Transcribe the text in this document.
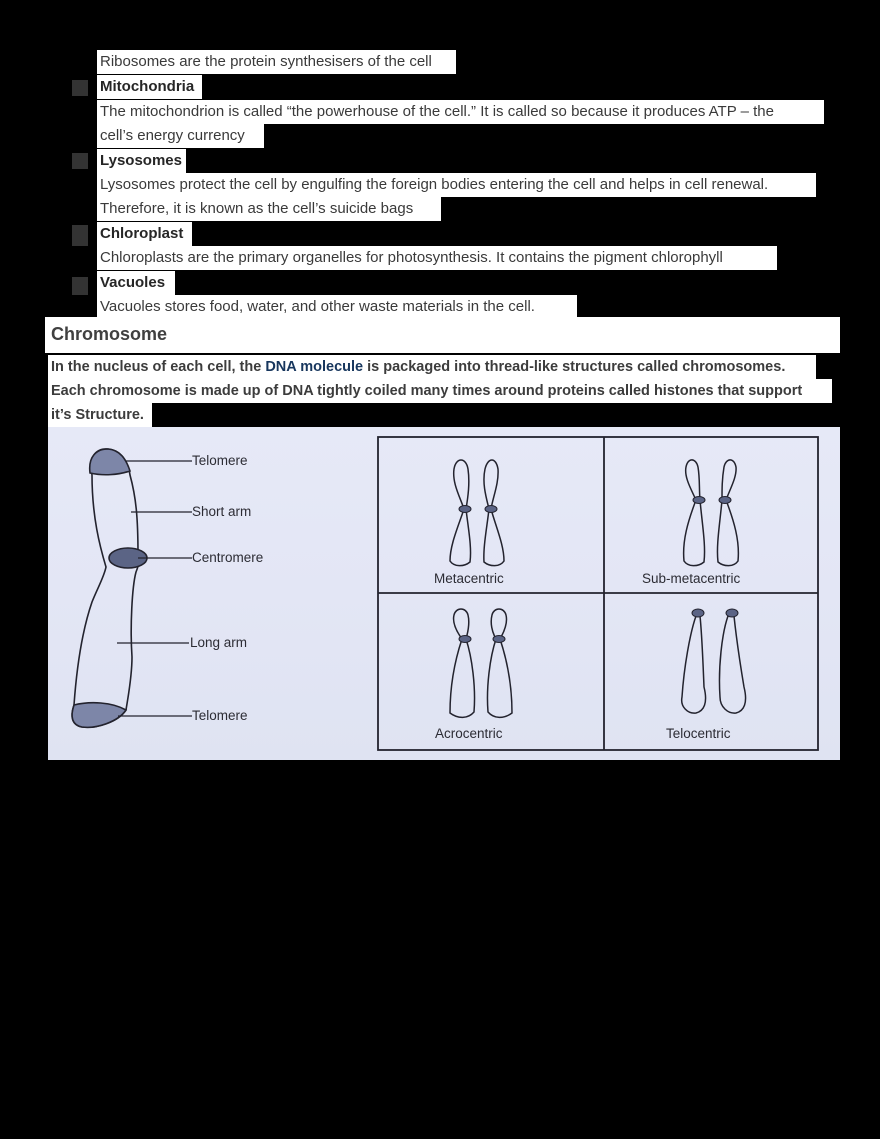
Ribosomes are the protein synthesisers of the cell
Mitochondria
The mitochondrion is called “the powerhouse of the cell.” It is called so because it produces ATP – the
cell’s energy currency
Lysosomes
Lysosomes protect the cell by engulfing the foreign bodies entering the cell and helps in cell renewal.
Therefore, it is known as the cell’s suicide bags
Chloroplast
Chloroplasts are the primary organelles for photosynthesis. It contains the pigment chlorophyll
Vacuoles
Vacuoles stores food, water, and other waste materials in the cell.
Chromosome
In the nucleus of each cell, the DNA molecule is packaged into thread-like structures called chromosomes.
Each chromosome is made up of DNA tightly coiled many times around proteins called histones that support
it’s Structure.
Telomere
Short arm
Centromere
Long arm
Telomere
Metacentric	Sub-metacentric
Acrocentric	Telocentric
